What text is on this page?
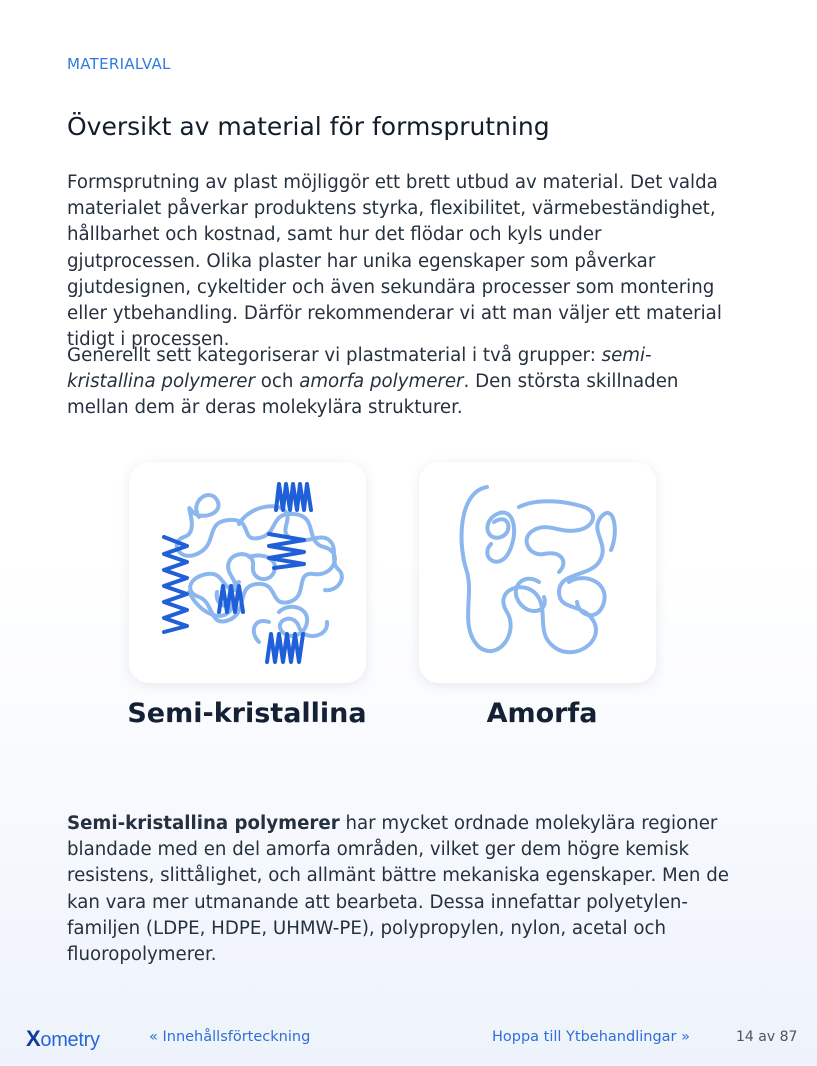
MATERIALVAL
Översikt av material för formsprutning

Formsprutning av plast möjliggör ett brett utbud av material. Det valda materialet påverkar produktens styrka, flexibilitet, värmebeständighet, hållbarhet och kostnad, samt hur det flödar och kyls under gjutprocessen. Olika plaster har unika egenskaper som påverkar gjutdesignen, cykeltider och även sekundära processer som montering eller ytbehandling. Därför rekommenderar vi att man väljer ett material tidigt i processen.

Generellt sett kategoriserar vi plastmaterial i två grupper: semi-kristallina polymerer och amorfa polymerer. Den största skillnaden mellan dem är deras molekylära strukturer.

Semi-kristallina	Amorfa

Semi-kristallina polymerer har mycket ordnade molekylära regioner blandade med en del amorfa områden, vilket ger dem högre kemisk resistens, slittålighet, och allmänt bättre mekaniska egenskaper. Men de kan vara mer utmanande att bearbeta. Dessa innefattar polyetylen-familjen (LDPE, HDPE, UHMW-PE), polypropylen, nylon, acetal och fluoropolymerer.

Xometry	« Innehållsförteckning	Hoppa till Ytbehandlingar »	14 av 87
